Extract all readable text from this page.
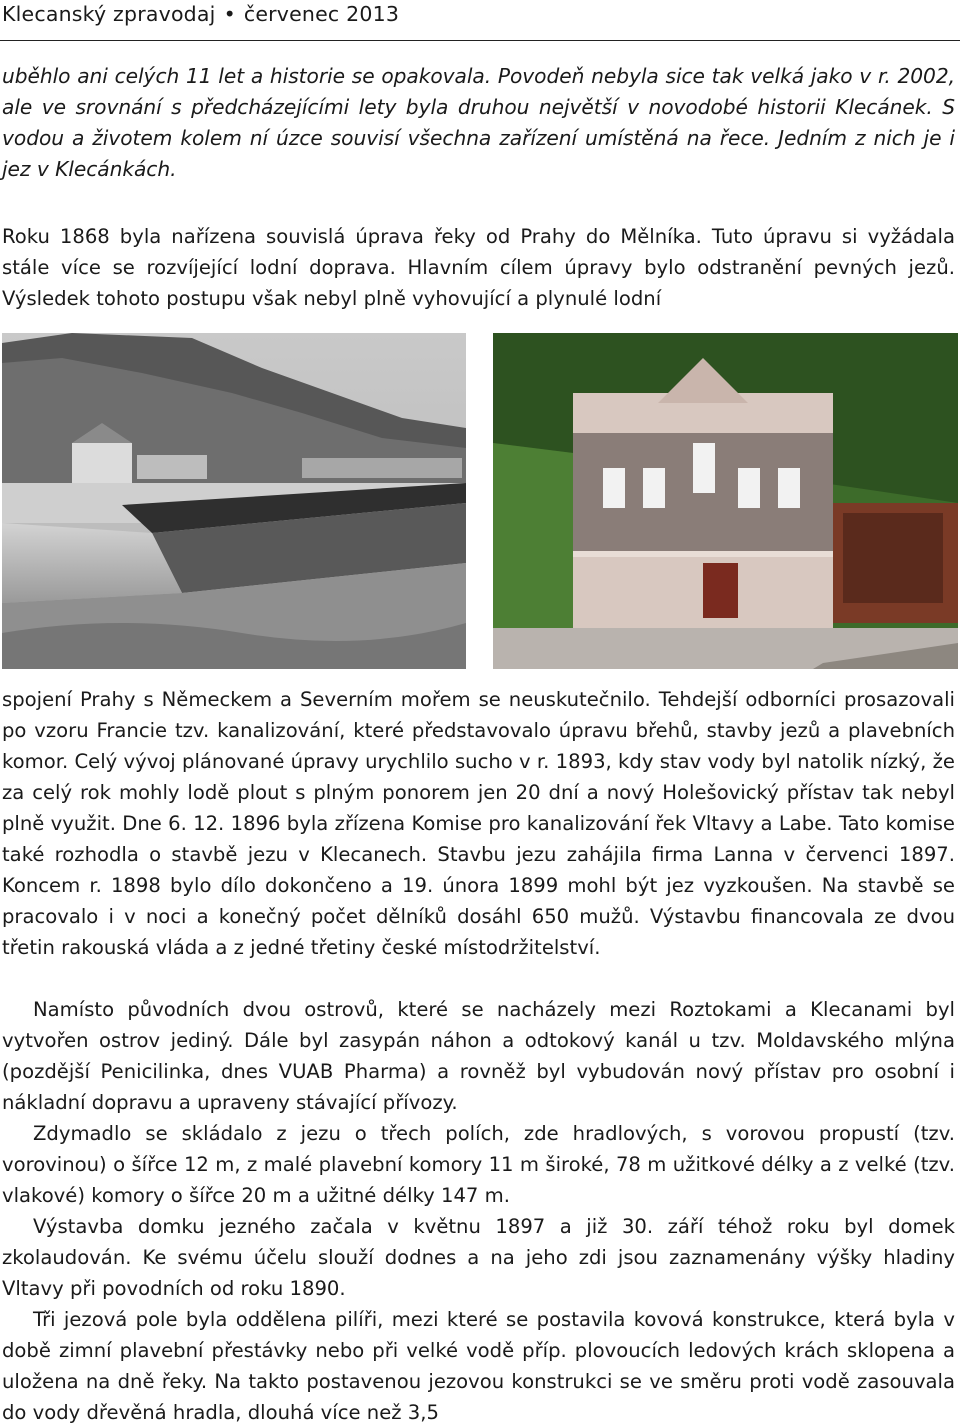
Klecanský zpravodaj • červenec 2013

uběhlo ani celých 11 let a historie se opakovala. Povodeň nebyla sice tak velká jako v r. 2002, ale ve srovnání s předcházejícími lety byla druhou největší v novodobé historii Klecánek. S vodou a životem kolem ní úzce souvisí všechna zařízení umístěná na řece. Jedním z nich je i jez v Klecánkách.

Roku 1868 byla nařízena souvislá úprava řeky od Prahy do Mělníka. Tuto úpravu si vyžádala stále více se rozvíjející lodní doprava. Hlavním cílem úpravy bylo odstranění pevných jezů. Výsledek tohoto postupu však nebyl plně vyhovující a plynulé lodní

spojení Prahy s Německem a Severním mořem se neuskutečnilo. Tehdejší odborníci prosazovali po vzoru Francie tzv. kanalizování, které představovalo úpravu břehů, stavby jezů a plavebních komor. Celý vývoj plánované úpravy urychlilo sucho v r. 1893, kdy stav vody byl natolik nízký, že za celý rok mohly lodě plout s plným ponorem jen 20 dní a nový Holešovický přístav tak nebyl plně využit. Dne 6. 12. 1896 byla zřízena Komise pro kanalizování řek Vltavy a Labe. Tato komise také rozhodla o stavbě jezu v Klecanech. Stavbu jezu zahájila firma Lanna v červenci 1897. Koncem r. 1898 bylo dílo dokončeno a 19. února 1899 mohl být jez vyzkoušen. Na stavbě se pracovalo i v noci a konečný počet dělníků dosáhl 650 mužů. Výstavbu financovala ze dvou třetin rakouská vláda a z jedné třetiny české místodržitelství.

Namísto původních dvou ostrovů, které se nacházely mezi Roztokami a Klecanami byl vytvořen ostrov jediný. Dále byl zasypán náhon a odtokový kanál u tzv. Moldavského mlýna (pozdější Penicilinka, dnes VUAB Pharma) a rovněž byl vybudován nový přístav pro osobní i nákladní dopravu a upraveny stávající přívozy.

Zdymadlo se skládalo z jezu o třech polích, zde hradlových, s vorovou propustí (tzv. vorovinou) o šířce 12 m, z malé plavební komory 11 m široké, 78 m užitkové délky a z velké (tzv. vlakové) komory o šířce 20 m a užitné délky 147 m.

Výstavba domku jezného začala v květnu 1897 a již 30. září téhož roku byl domek zkolaudován. Ke svému účelu slouží dodnes a na jeho zdi jsou zaznamenány výšky hladiny Vltavy při povodních od roku 1890.

Tři jezová pole byla oddělena pilíři, mezi které se postavila kovová konstrukce, která byla v době zimní plavební přestávky nebo při velké vodě příp. plovoucích ledových krách sklopena a uložena na dně řeky. Na takto postavenou jezovou konstrukci se ve směru proti vodě zasouvala do vody dřevěná hradla, dlouhá více než 3,5
